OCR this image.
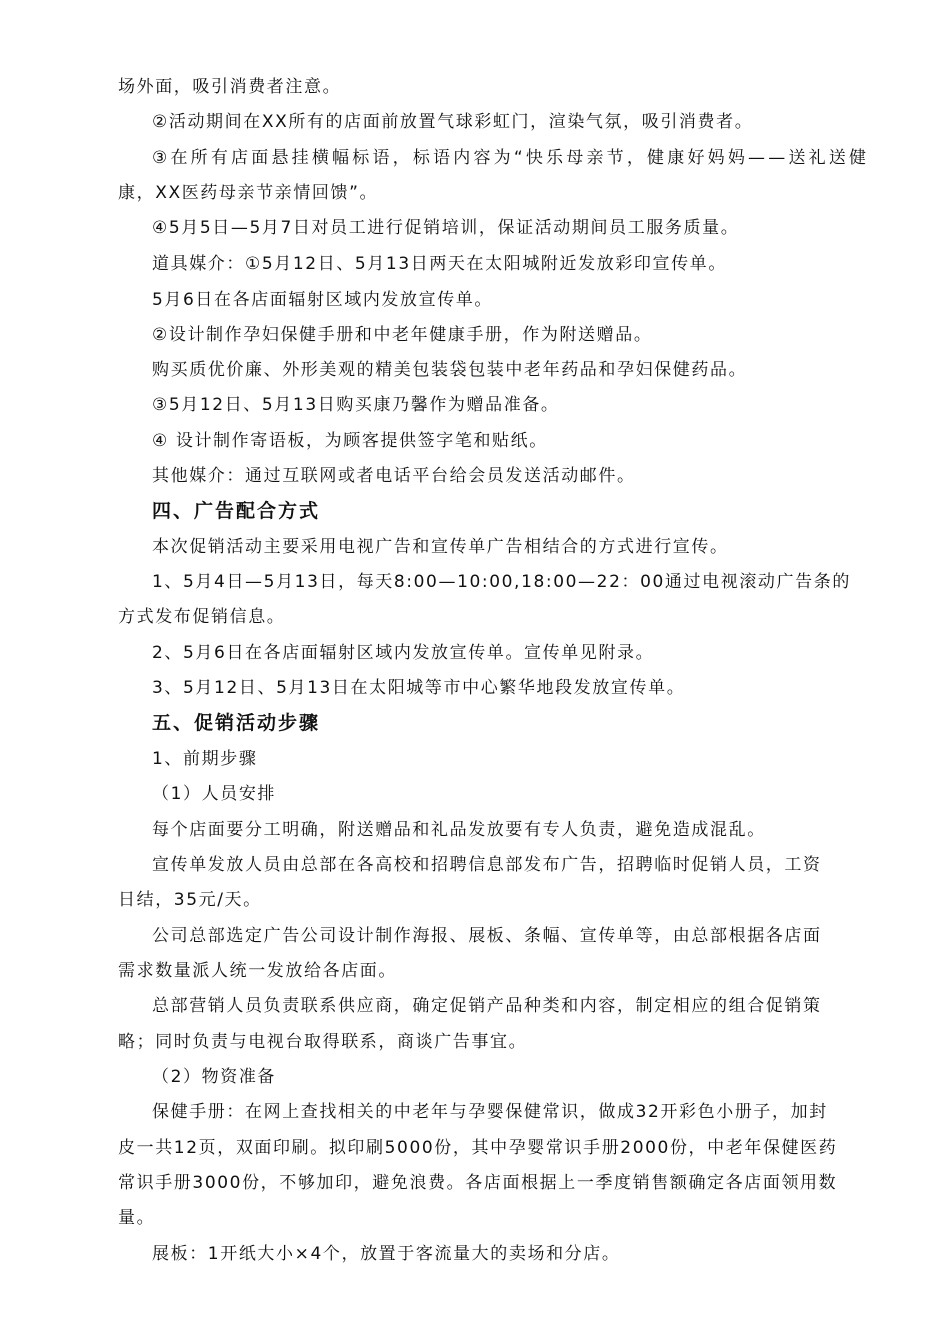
场外面，吸引消费者注意。
②活动期间在XX所有的店面前放置气球彩虹门，渲染气氛，吸引消费者。
③在所有店面悬挂横幅标语，标语内容为“快乐母亲节，健康好妈妈——送礼送健
康，XX医药母亲节亲情回馈”。
④5月5日—5月7日对员工进行促销培训，保证活动期间员工服务质量。
道具媒介：①5月12日、5月13日两天在太阳城附近发放彩印宣传单。
5月6日在各店面辐射区域内发放宣传单。
②设计制作孕妇保健手册和中老年健康手册，作为附送赠品。
购买质优价廉、外形美观的精美包装袋包装中老年药品和孕妇保健药品。
③5月12日、5月13日购买康乃馨作为赠品准备。
④ 设计制作寄语板，为顾客提供签字笔和贴纸。
其他媒介：通过互联网或者电话平台给会员发送活动邮件。
四、广告配合方式
本次促销活动主要采用电视广告和宣传单广告相结合的方式进行宣传。
1、5月4日—5月13日，每天8:00—10:00,18:00—22：00通过电视滚动广告条的
方式发布促销信息。
2、5月6日在各店面辐射区域内发放宣传单。宣传单见附录。
3、5月12日、5月13日在太阳城等市中心繁华地段发放宣传单。
五、促销活动步骤
1、前期步骤
（1）人员安排
每个店面要分工明确，附送赠品和礼品发放要有专人负责，避免造成混乱。
宣传单发放人员由总部在各高校和招聘信息部发布广告，招聘临时促销人员，工资
日结，35元/天。
公司总部选定广告公司设计制作海报、展板、条幅、宣传单等，由总部根据各店面
需求数量派人统一发放给各店面。
总部营销人员负责联系供应商，确定促销产品种类和内容，制定相应的组合促销策
略；同时负责与电视台取得联系，商谈广告事宜。
（2）物资准备
保健手册：在网上查找相关的中老年与孕婴保健常识，做成32开彩色小册子，加封
皮一共12页，双面印刷。拟印刷5000份，其中孕婴常识手册2000份，中老年保健医药
常识手册3000份，不够加印，避免浪费。各店面根据上一季度销售额确定各店面领用数
量。
展板：1开纸大小×4个，放置于客流量大的卖场和分店。
